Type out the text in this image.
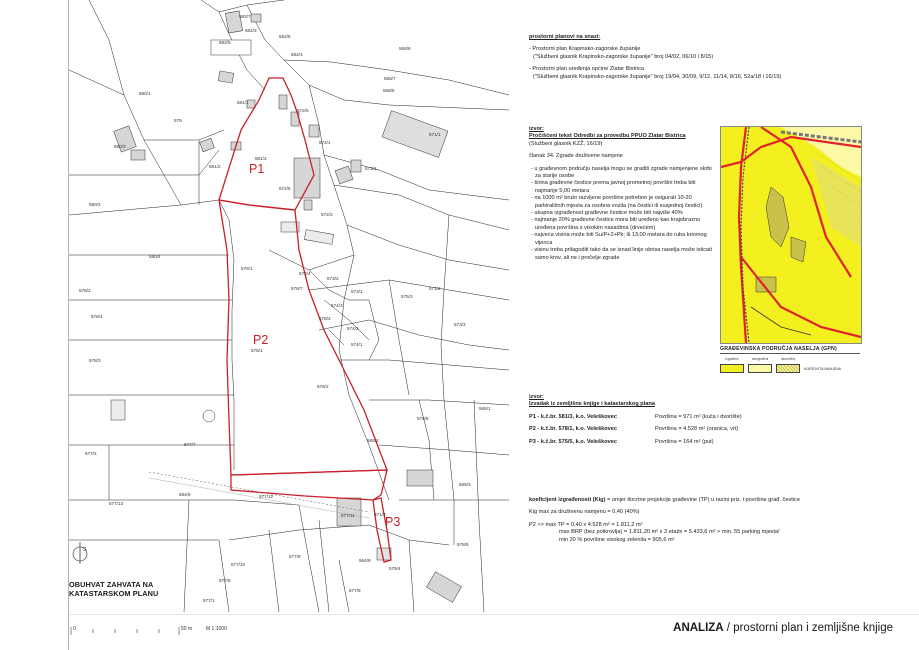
582/7
582/3
582/5
582/6
582/4
568/6
580/1
581/1
579
580/3
581/3
581/2
572/6
572/5
572/1
572/2
572/3
572/4
568/7
568/5
571/1
580/2
580/4
578/2
578/4
578/3
578/1
578/7
573/2
573/1
575/3
571/2
573/3
574/3
574/2
574/1
578/3
575/1
575/2
575/8
565/2
565/3
565/1
578/6
577/7
577/2
577/12
584/9
577/13
577/11
577/9
577/10
577/6
577/1
564/9
577/8
575/4
571/3
P1
P2
P3
S
OBUHVAT ZAHVATA NA
KATASTARSKOM PLANU
0	50 m	M 1:1000	ANALIZA / prostorni plan i zemljišne knjige

prostorni planovi na snazi:

- Prostorni plan Krapinsko-zagorske županije

("Službeni glasnik Krapinsko-zagorske županije" broj 04/02, 06/10 i 8/15)

- Prostorni plan uređenja općine Zlatar Bistrica

("Službeni glasnik Krapinsko-zagorske županije" broj 19/04, 30/09, 9/12, 11/14, 8/16, 52a/18 i 16/19)

izvor:

Pročišćeni tekst Odredbi za provedbu PPUO Zlatar Bistrica

(Službeni glasnik KZŽ, 16/19)

članak 34. Zgrade društvene namjene

- u građevnom području naselja mogu se graditi zgrade namjenjene skrbi za starije osobe
- širina građevne čestice prema javnoj prometnoj površini treba biti najmanje 5,00 metara
- na 1000 m² bruto razvijene površine potrebno je osigurati 10-20 parkirališnih mjesta za osobna vozila (na čestici ili susjednoj čestici)
- ukupna izgrađenost građevne čestice može biti najviše 40%
- najmanje 20% građevne čestice mora biti uređeno kao krajobrazno uređena površina s visokim nasadima (drvećem)
- najveća visina može biti Su/P+2+Pk; ili 13,00 metara do ruba krovnog vijenca
- visinu treba prilagoditi tako da se iznad linije obrisa naselja može isticati samo krov, ali ne i pročelje zgrade
GRAĐEVINSKA PODRUČJA NASELJA (GPN)
izgrađeni	neizgrađeni	neuređeni
MJEŠOVITA NAMJENA

izvor:

Izvadak iz zemljišne knjige i katastarskog plana

P1 - k.č.br. 581/3, k.o. Veleškovec	Površina = 971 m² (kuća i dvorište)
P2 - k.č.br. 578/1, k.o. Veleškovec	Površina = 4.528 m² (oranica, vrt)
P3 - k.č.br. 575/5, k.o. Veleškovec	Površina = 164 m² (put)

koeficijent izgrađenosti (Kig) = omjer tlocrtne projekcije građevine (TP) u razini priz. i površine građ. čestice

Kig max za društvenu namjenu = 0,40 (40%)

P2 >> max TP = 0,40 x 4.528 m² = 1.811,2 m²

max BRP (bez potkrovlja) = 1.811,20 m² x 3 etaže = 5.433,6 m² > min. 55 parking mjesta!

min 20 % površine visokog zelenila = 905,6 m²
